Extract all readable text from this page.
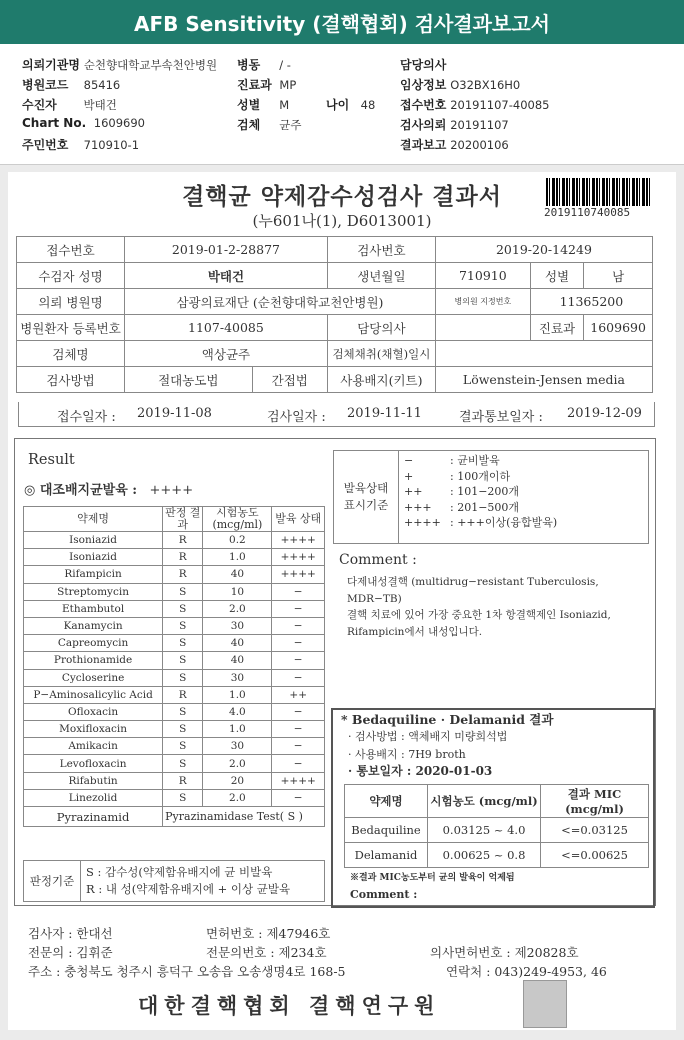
AFB Sensitivity (결핵협회) 검사결과보고서
의뢰기관명 순천향대학교부속천안병원 병동 / -	담당의사
병원코드 85416	진료과 MP	임상정보 O32BX16H0
수진자 박태건	성별 M	나이 48 접수번호 20191107-40085
Chart No. 1609690	검체 균주	검사의뢰 20191107
주민번호 710910-1	결과보고 20200106
결핵균 약제감수성검사 결과서
(누601나(1), D6013001)	2019110740085
접수번호	2019-01-2-28877		검사번호	2019-20-14249		
수검자 성명	박태건		생년월일	710910	성별	남
의뢰 병원명	삼광의료재단 (순천향대학교천안병원)			병의원 지정번호	11365200	
병원환자 등록번호	1107-40085		담당의사		진료과	1609690
검체명	액상균주		검체채취(채혈)일시			
검사방법	절대농도법	간접법	사용배지(키트)	Löwenstein-Jensen media		
접수일자 : 2019-11-08	검사일자 : 2019-11-11	결과통보일자 : 2019-12-09
Result
◎ 대조배지균발육 : ++++
약제명	판정 결과	시험농도 (mcg/ml)	발육 상태
Isoniazid	R	0.2	++++
Isoniazid	R	1.0	++++
Rifampicin	R	40	++++
Streptomycin	S	10	−
Ethambutol	S	2.0	−
Kanamycin	S	30	−
Capreomycin	S	40	−
Prothionamide	S	40	−
Cycloserine	S	30	−
P−Aminosalicylic Acid	R	1.0	++
Ofloxacin	S	4.0	−
Moxifloxacin	S	1.0	−
Amikacin	S	30	−
Levofloxacin	S	2.0	−
Rifabutin	R	20	++++
Linezolid	S	2.0	−
Pyrazinamid	Pyrazinamidase Test( S )		
판정기준
S : 감수성(약제함유배지에 균 비발육
R : 내 성(약제함유배지에 + 이상 균발육
발육상태
표시기준
−	: 균비발육
+	: 100개이하
++	: 101−200개
+++	: 201−500개
++++ : +++이상(융합발육)
Comment :
다제내성결핵 (multidrug−resistant Tuberculosis,
MDR−TB)
결핵 치료에 있어 가장 중요한 1차 항결핵제인 Isoniazid,
Rifampicin에서 내성입니다.
* Bedaquiline · Delamanid 결과
· 검사방법 : 액체배지 미량희석법
· 사용배지 : 7H9 broth
· 통보일자 : 2020-01-03
약제명	시험농도 (mcg/ml)	결과 MIC (mcg/ml)
Bedaquiline	0.03125 ~ 4.0	<=0.03125
Delamanid	0.00625 ~ 0.8	<=0.00625
※결과 MIC농도부터 균의 발육이 억제됨
Comment :
검사자 : 한대선	면허번호 : 제47946호
전문의 : 김휘준	전문의번호 : 제234호	의사면허번호 : 제20828호
주소 : 충청북도 청주시 흥덕구 오송읍 오송생명4로 168-5	연락처 : 043)249-4953, 46
대한결핵협회 결핵연구원
